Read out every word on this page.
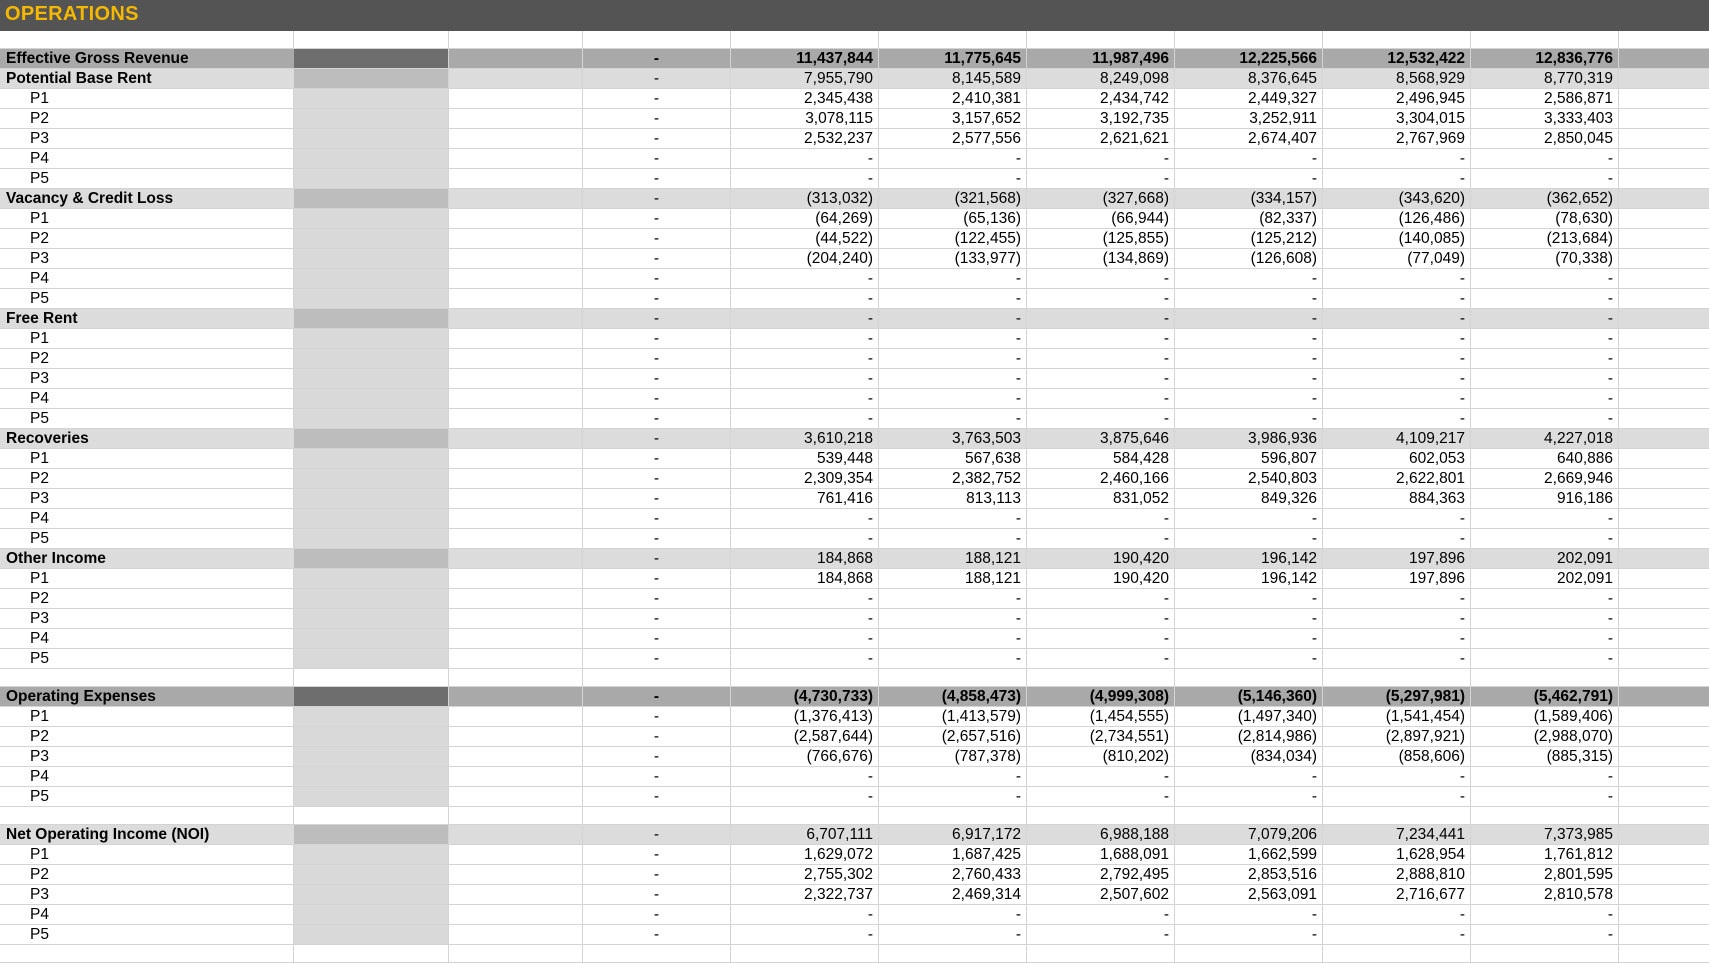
OPERATIONS
Effective Gross Revenue	-	11,437,844	11,775,645	11,987,496	12,225,566	12,532,422	12,836,776
Potential Base Rent	-	7,955,790	8,145,589	8,249,098	8,376,645	8,568,929	8,770,319
P1	-	2,345,438	2,410,381	2,434,742	2,449,327	2,496,945	2,586,871
P2	-	3,078,115	3,157,652	3,192,735	3,252,911	3,304,015	3,333,403
P3	-	2,532,237	2,577,556	2,621,621	2,674,407	2,767,969	2,850,045
P4	-	-	-	-	-	-	-
P5	-	-	-	-	-	-	-
Vacancy & Credit Loss	-	(313,032)	(321,568)	(327,668)	(334,157)	(343,620)	(362,652)
P1	-	(64,269)	(65,136)	(66,944)	(82,337)	(126,486)	(78,630)
P2	-	(44,522)	(122,455)	(125,855)	(125,212)	(140,085)	(213,684)
P3	-	(204,240)	(133,977)	(134,869)	(126,608)	(77,049)	(70,338)
P4	-	-	-	-	-	-	-
P5	-	-	-	-	-	-	-
Free Rent	-	-	-	-	-	-	-
P1	-	-	-	-	-	-	-
P2	-	-	-	-	-	-	-
P3	-	-	-	-	-	-	-
P4	-	-	-	-	-	-	-
P5	-	-	-	-	-	-	-
Recoveries	-	3,610,218	3,763,503	3,875,646	3,986,936	4,109,217	4,227,018
P1	-	539,448	567,638	584,428	596,807	602,053	640,886
P2	-	2,309,354	2,382,752	2,460,166	2,540,803	2,622,801	2,669,946
P3	-	761,416	813,113	831,052	849,326	884,363	916,186
P4	-	-	-	-	-	-	-
P5	-	-	-	-	-	-	-
Other Income	-	184,868	188,121	190,420	196,142	197,896	202,091
P1	-	184,868	188,121	190,420	196,142	197,896	202,091
P2	-	-	-	-	-	-	-
P3	-	-	-	-	-	-	-
P4	-	-	-	-	-	-	-
P5	-	-	-	-	-	-	-
Operating Expenses	-	(4,730,733)	(4,858,473)	(4,999,308)	(5,146,360)	(5,297,981)	(5,462,791)
P1	-	(1,376,413)	(1,413,579)	(1,454,555)	(1,497,340)	(1,541,454)	(1,589,406)
P2	-	(2,587,644)	(2,657,516)	(2,734,551)	(2,814,986)	(2,897,921)	(2,988,070)
P3	-	(766,676)	(787,378)	(810,202)	(834,034)	(858,606)	(885,315)
P4	-	-	-	-	-	-	-
P5	-	-	-	-	-	-	-
Net Operating Income (NOI)	-	6,707,111	6,917,172	6,988,188	7,079,206	7,234,441	7,373,985
P1	-	1,629,072	1,687,425	1,688,091	1,662,599	1,628,954	1,761,812
P2	-	2,755,302	2,760,433	2,792,495	2,853,516	2,888,810	2,801,595
P3	-	2,322,737	2,469,314	2,507,602	2,563,091	2,716,677	2,810,578
P4	-	-	-	-	-	-	-
P5	-	-	-	-	-	-	-
